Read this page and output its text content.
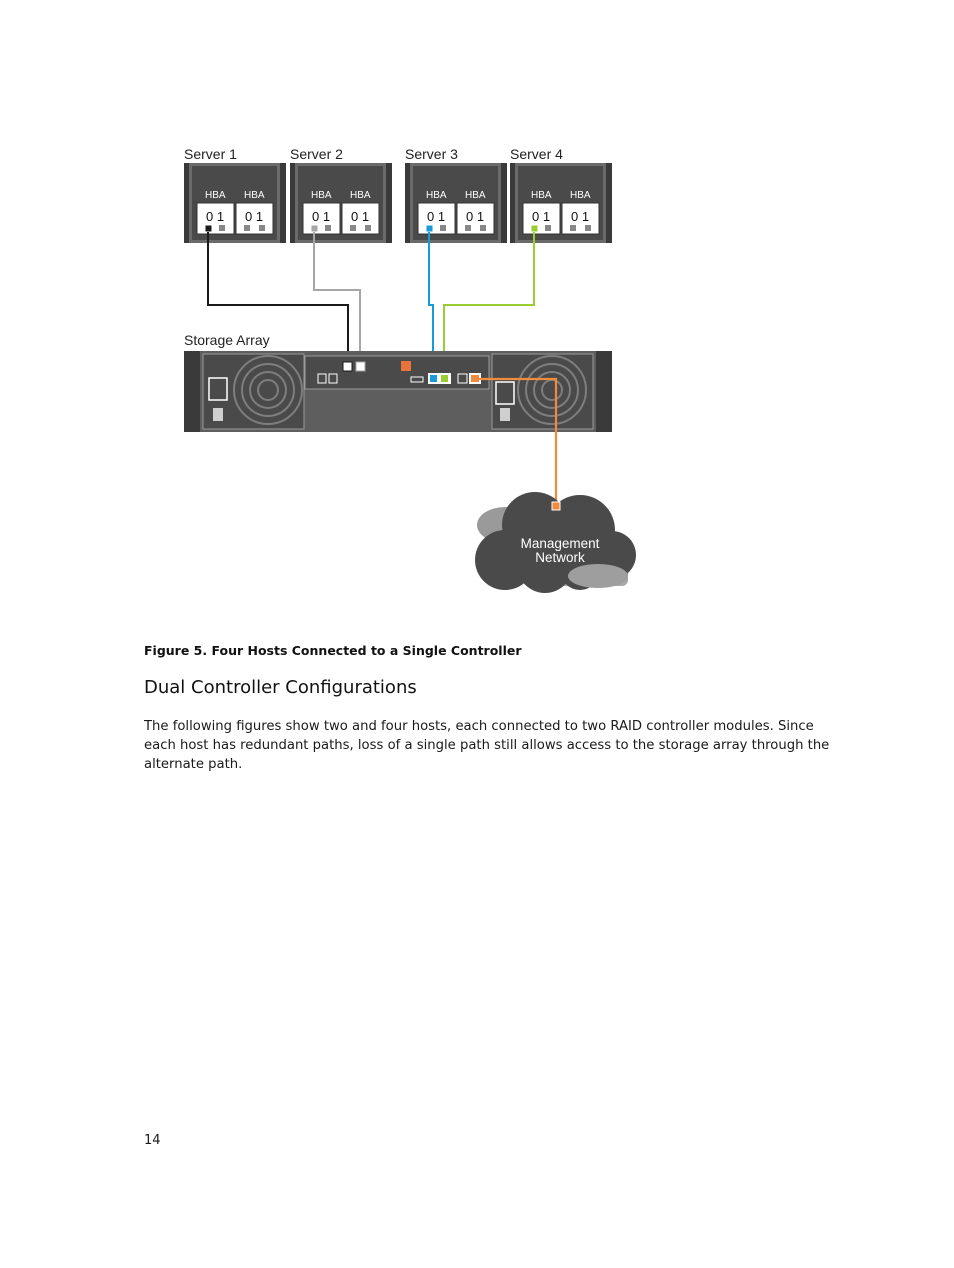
Server 1
HBA HBA
0 1 0 1
Server 2
HBA HBA
0 1 0 1
Server 3
HBA HBA
0 1 0 1
Server 4
HBA HBA
0 1 0 1
Storage Array
Management
Network
Figure 5. Four Hosts Connected to a Single Controller
Dual Controller Configurations

The following figures show two and four hosts, each connected to two RAID controller modules. Since each host has redundant paths, loss of a single path still allows access to the storage array through the alternate path.

14
